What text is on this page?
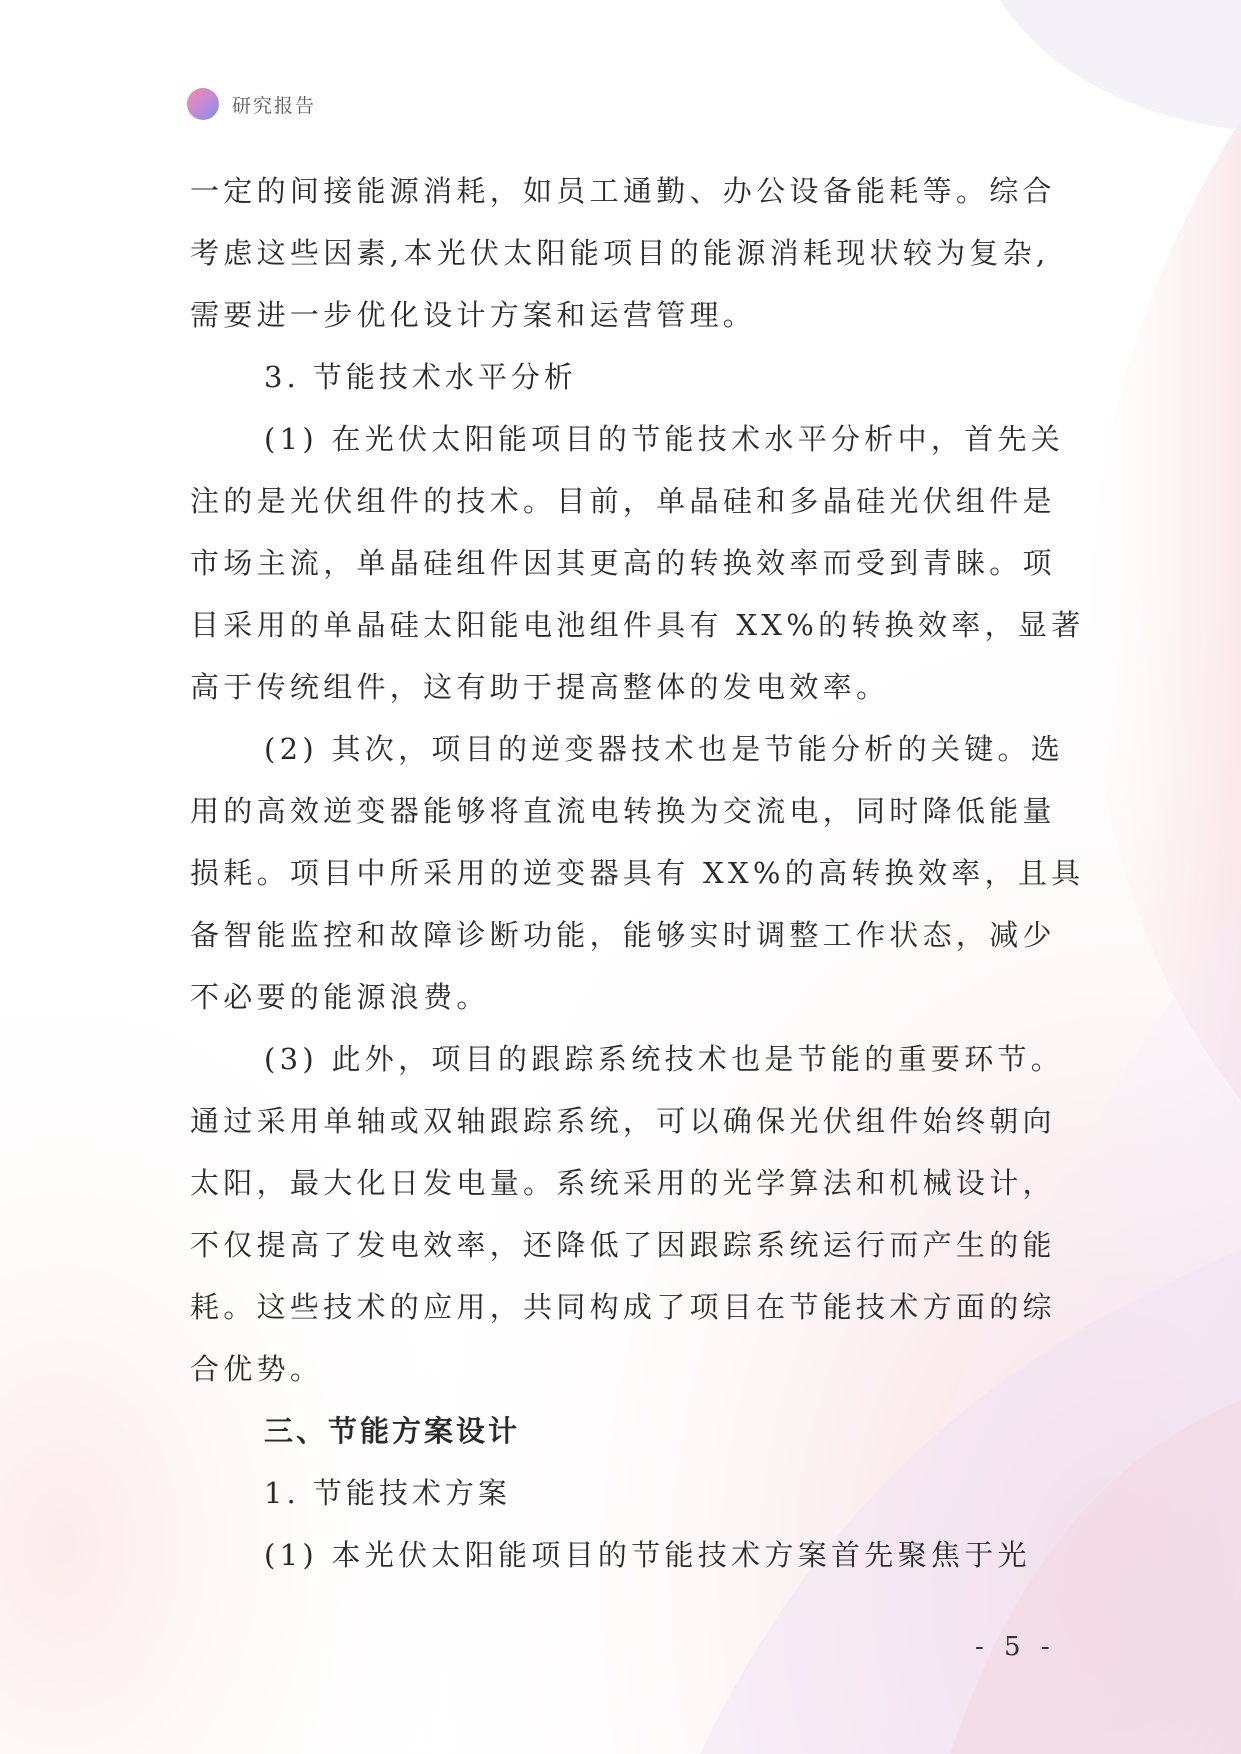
研究报告

一定的间接能源消耗，如员工通勤、办公设备能耗等。综合

考虑这些因素,本光伏太阳能项目的能源消耗现状较为复杂,

需要进一步优化设计方案和运营管理。

3. 节能技术水平分析

(1) 在光伏太阳能项目的节能技术水平分析中，首先关

注的是光伏组件的技术。目前，单晶硅和多晶硅光伏组件是

市场主流，单晶硅组件因其更高的转换效率而受到青睐。项

目采用的单晶硅太阳能电池组件具有 XX%的转换效率，显著

高于传统组件，这有助于提高整体的发电效率。

(2) 其次，项目的逆变器技术也是节能分析的关键。选

用的高效逆变器能够将直流电转换为交流电，同时降低能量

损耗。项目中所采用的逆变器具有 XX%的高转换效率，且具

备智能监控和故障诊断功能，能够实时调整工作状态，减少

不必要的能源浪费。

(3) 此外，项目的跟踪系统技术也是节能的重要环节。

通过采用单轴或双轴跟踪系统，可以确保光伏组件始终朝向

太阳，最大化日发电量。系统采用的光学算法和机械设计，

不仅提高了发电效率，还降低了因跟踪系统运行而产生的能

耗。这些技术的应用，共同构成了项目在节能技术方面的综

合优势。

三、节能方案设计

1. 节能技术方案

(1) 本光伏太阳能项目的节能技术方案首先聚焦于光

- 5 -
